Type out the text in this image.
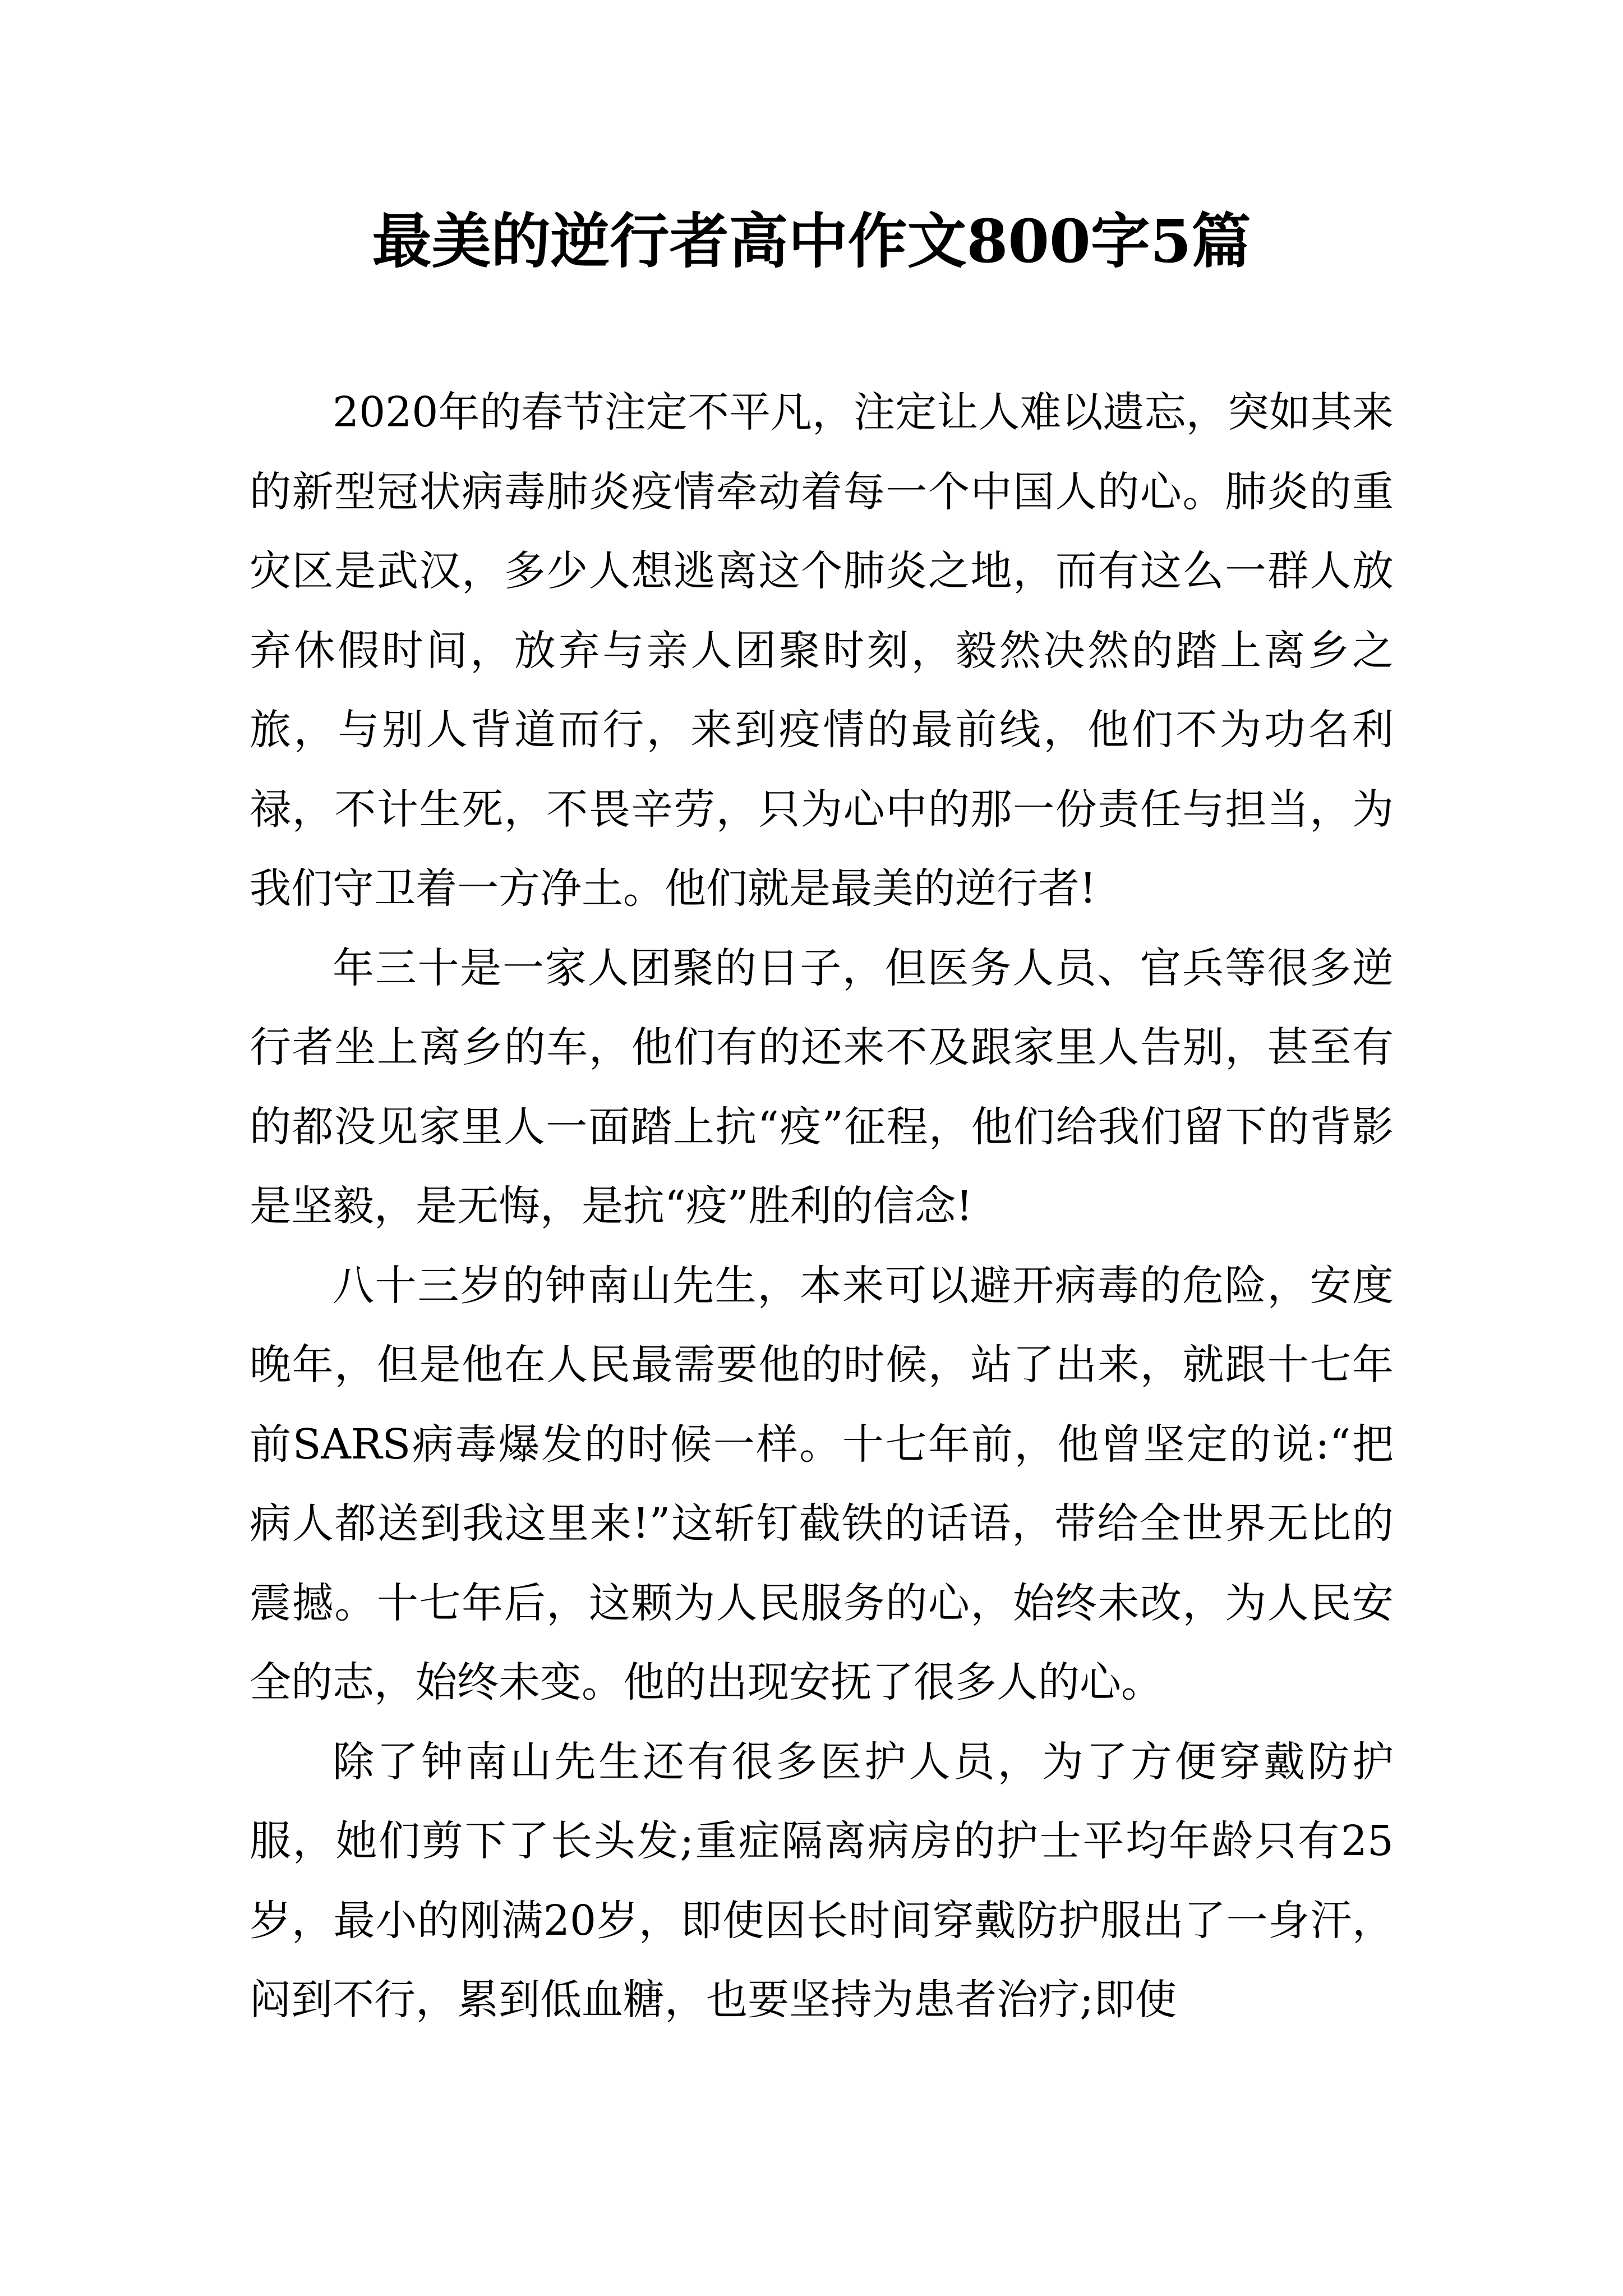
最美的逆行者高中作文800字5篇

2020年的春节注定不平凡，注定让人难以遗忘，突如其来的新型冠状病毒肺炎疫情牵动着每一个中国人的心。肺炎的重灾区是武汉，多少人想逃离这个肺炎之地，而有这么一群人放弃休假时间，放弃与亲人团聚时刻，毅然决然的踏上离乡之旅，与别人背道而行，来到疫情的最前线，他们不为功名利禄，不计生死，不畏辛劳，只为心中的那一份责任与担当，为我们守卫着一方净土。他们就是最美的逆行者!

年三十是一家人团聚的日子，但医务人员、官兵等很多逆行者坐上离乡的车，他们有的还来不及跟家里人告别，甚至有的都没见家里人一面踏上抗“疫”征程，他们给我们留下的背影是坚毅，是无悔，是抗“疫”胜利的信念!

八十三岁的钟南山先生，本来可以避开病毒的危险，安度晚年，但是他在人民最需要他的时候，站了出来，就跟十七年前SARS病毒爆发的时候一样。十七年前，他曾坚定的说:“把病人都送到我这里来!”这斩钉截铁的话语，带给全世界无比的震撼。十七年后，这颗为人民服务的心，始终未改，为人民安全的志，始终未变。他的出现安抚了很多人的心。

除了钟南山先生还有很多医护人员，为了方便穿戴防护服，她们剪下了长头发;重症隔离病房的护士平均年龄只有25岁，最小的刚满20岁，即使因长时间穿戴防护服出了一身汗，闷到不行，累到低血糖，也要坚持为患者治疗;即使
